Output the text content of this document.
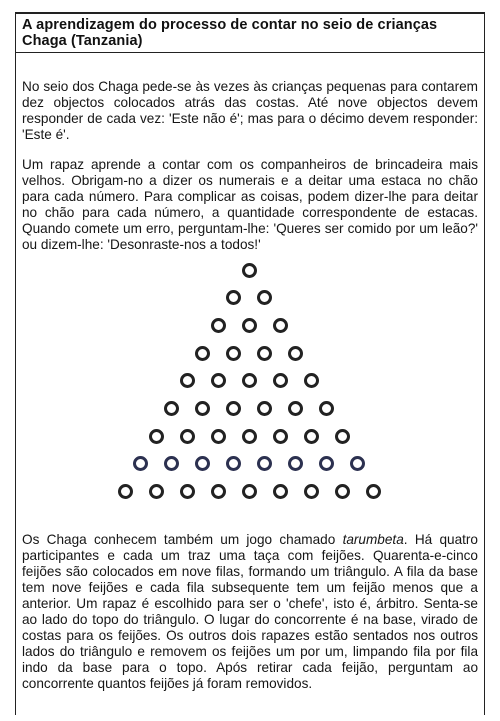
A aprendizagem do processo de contar no seio de crianças Chaga (Tanzania)

No seio dos Chaga pede-se às vezes às crianças pequenas para contarem dez objectos colocados atrás das costas. Até nove objectos devem responder de cada vez: 'Este não é'; mas para o décimo devem responder: 'Este é'.

Um rapaz aprende a contar com os companheiros de brincadeira mais velhos. Obrigam-no a dizer os numerais e a deitar uma estaca no chão para cada número. Para complicar as coisas, podem dizer-lhe para deitar no chão para cada número, a quantidade correspondente de estacas. Quando comete um erro, perguntam-lhe: 'Queres ser comido por um leão?' ou dizem-lhe: 'Desonraste-nos a todos!'

Os Chaga conhecem também um jogo chamado tarumbeta. Há quatro participantes e cada um traz uma taça com feijões. Quarenta-e-cinco feijões são colocados em nove filas, formando um triângulo. A fila da base tem nove feijões e cada fila subsequente tem um feijão menos que a anterior. Um rapaz é escolhido para ser o 'chefe', isto é, árbitro. Senta-se ao lado do topo do triângulo. O lugar do concorrente é na base, virado de costas para os feijões. Os outros dois rapazes estão sentados nos outros lados do triângulo e removem os feijões um por um, limpando fila por fila indo da base para o topo. Após retirar cada feijão, perguntam ao concorrente quantos feijões já foram removidos.
